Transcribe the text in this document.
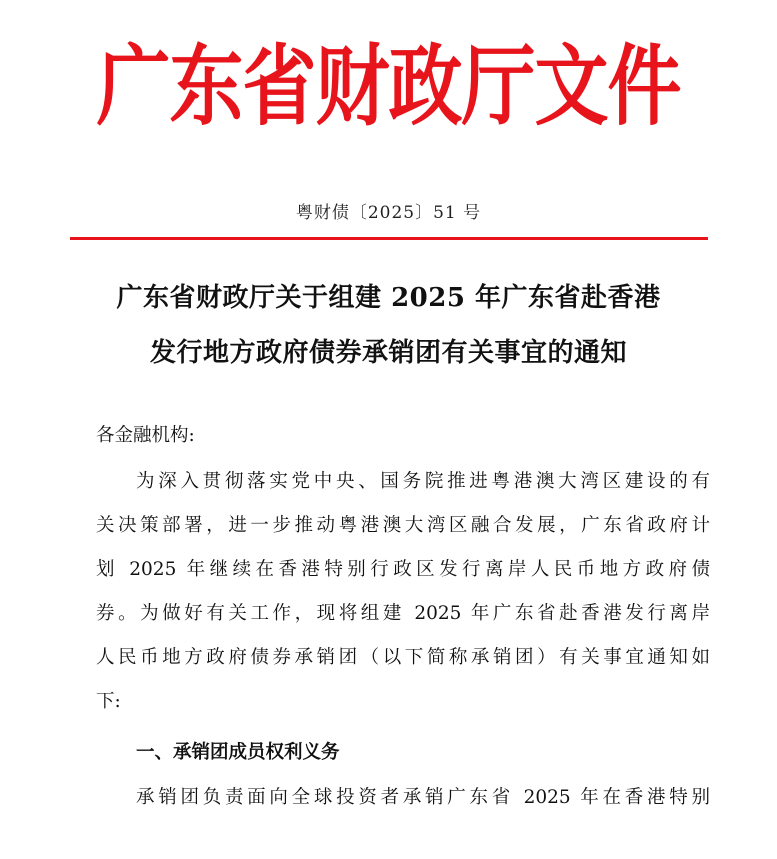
广东省财政厅文件
粤财债〔2025〕51 号
广东省财政厅关于组建 2025 年广东省赴香港
发行地方政府债券承销团有关事宜的通知
各金融机构:
为深入贯彻落实党中央、国务院推进粤港澳大湾区建设的有
关决策部署，进一步推动粤港澳大湾区融合发展，广东省政府计
划 2025 年继续在香港特别行政区发行离岸人民币地方政府债
券。为做好有关工作，现将组建 2025 年广东省赴香港发行离岸
人民币地方政府债券承销团（以下简称承销团）有关事宜通知如
下:
一、承销团成员权利义务
承销团负责面向全球投资者承销广东省 2025 年在香港特别
